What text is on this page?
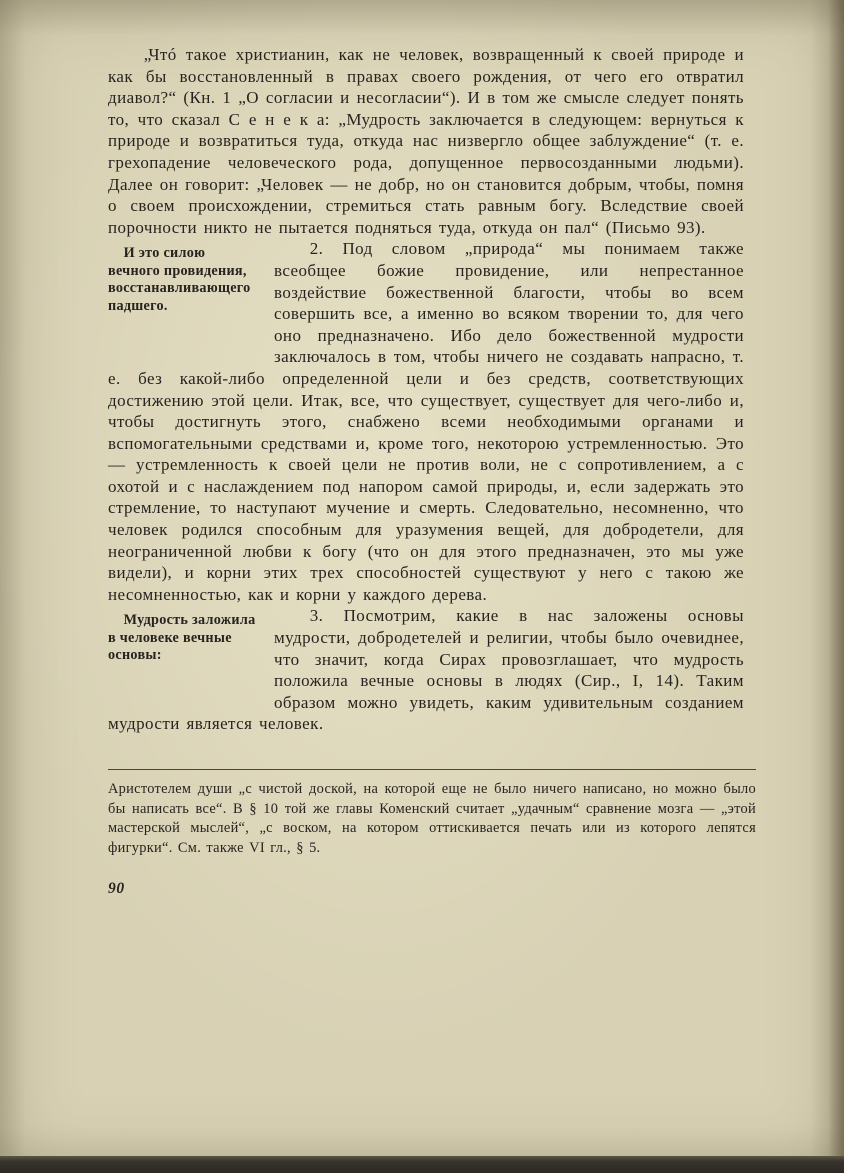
„Чтó такое христианин, как не человек, возвращенный к своей природе и как бы восстановленный в правах своего рождения, от чего его отвратил диавол?“ (Кн. 1 „О согласии и несогласии“). И в том же смысле следует понять то, что сказал С е н е к а: „Мудрость заключается в следующем: вернуться к природе и возвратиться туда, откуда нас низвергло общее заблуждение“ (т. е. грехопадение человеческого рода, допущенное первосозданными людьми). Далее он говорит: „Человек — не добр, но он становится добрым, чтобы, помня о своем происхождении, стремиться стать равным богу. Вследствие своей порочности никто не пытается подняться туда, откуда он пал“ (Письмо 93).
И это силою вечного провидения, восстанавливающего падшего.
2. Под словом „природа“ мы понимаем также всеобщее божие провидение, или непрестанное воздействие божественной благости, чтобы во всем совершить все, а именно во всяком творении то, для чего оно предназначено. Ибо дело божественной мудрости заключалось в том, чтобы ничего не создавать напрасно, т. е. без какой-либо определенной цели и без средств, соответствующих достижению этой цели. Итак, все, что существует, существует для чего-либо и, чтобы достигнуть этого, снабжено всеми необходимыми органами и вспомогательными средствами и, кроме того, некоторою устремленностью. Это — устремленность к своей цели не против воли, не с сопротивлением, а с охотой и с наслаждением под напором самой природы, и, если задержать это стремление, то наступают мучение и смерть. Следовательно, несомненно, что человек родился способным для уразумения вещей, для добродетели, для неограниченной любви к богу (что он для этого предназначен, это мы уже видели), и корни этих трех способностей существуют у него с такою же несомненностью, как и корни у каждого дерева.
Мудрость заложила в человеке вечные основы:
3. Посмотрим, какие в нас заложены основы мудрости, добродетелей и религии, чтобы было очевиднее, что значит, когда Сирах провозглашает, что мудрость положила вечные основы в людях (Сир., I, 14). Таким образом можно увидеть, каким удивительным созданием мудрости является человек.
Аристотелем души „с чистой доской, на которой еще не было ничего написано, но можно было бы написать все“. В § 10 той же главы Коменский считает „удачным“ сравнение мозга — „этой мастерской мыслей“, „с воском, на котором оттискивается печать или из которого лепятся фигурки“. См. также VI гл., § 5.
90
